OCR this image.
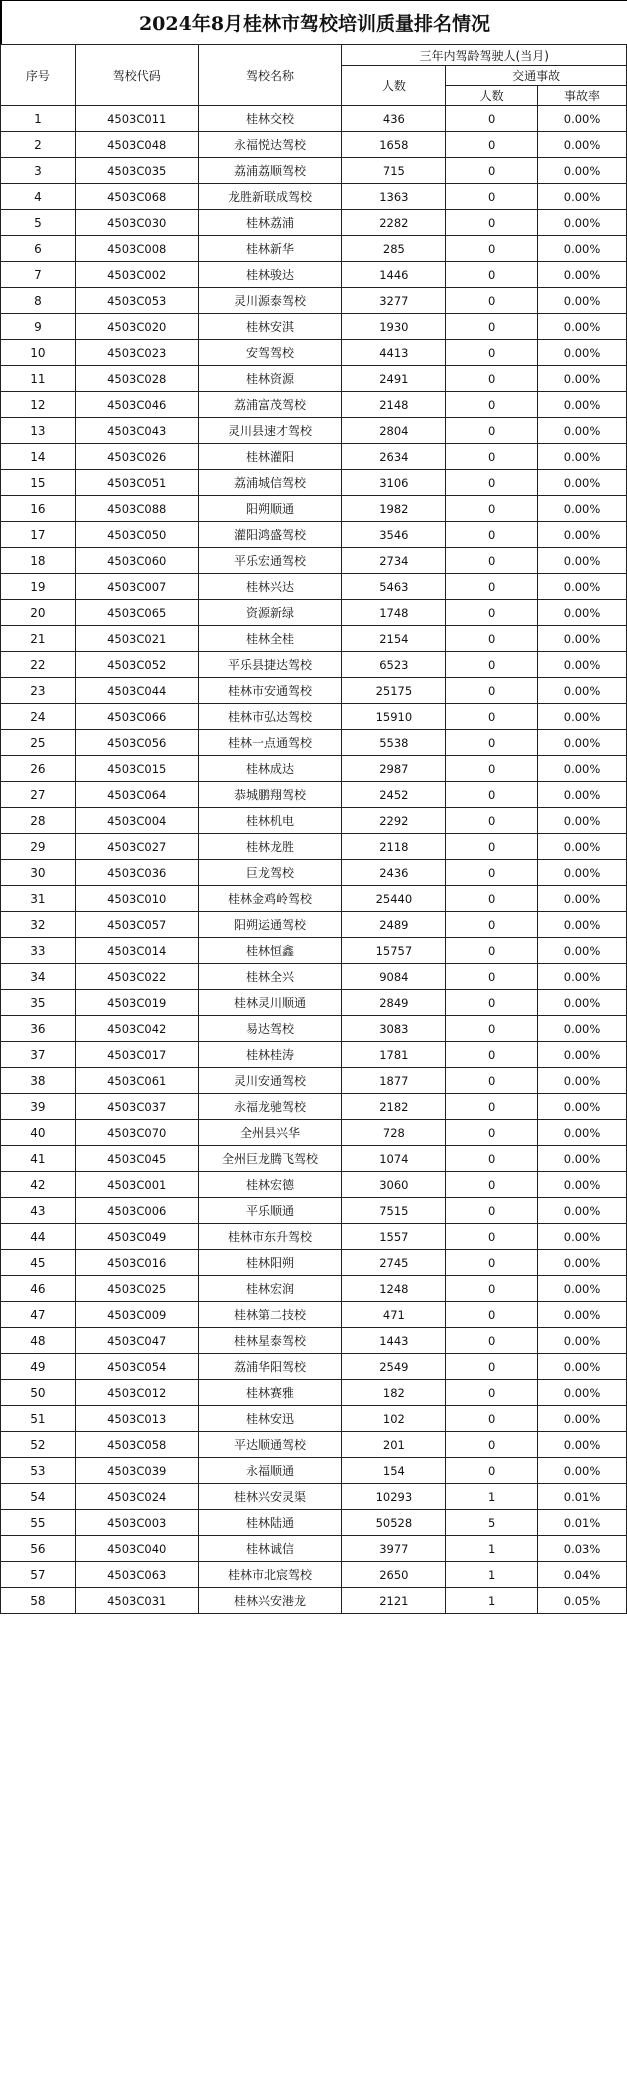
2024年8月桂林市驾校培训质量排名情况
序号	驾校代码	驾校名称	三年内驾龄驾驶人(当月)		
			人数	交通事故	
				人数	事故率
1	4503C011	桂林交校	436	0	0.00%
2	4503C048	永福悦达驾校	1658	0	0.00%
3	4503C035	荔浦荔顺驾校	715	0	0.00%
4	4503C068	龙胜新联成驾校	1363	0	0.00%
5	4503C030	桂林荔浦	2282	0	0.00%
6	4503C008	桂林新华	285	0	0.00%
7	4503C002	桂林骏达	1446	0	0.00%
8	4503C053	灵川源泰驾校	3277	0	0.00%
9	4503C020	桂林安淇	1930	0	0.00%
10	4503C023	安驾驾校	4413	0	0.00%
11	4503C028	桂林资源	2491	0	0.00%
12	4503C046	荔浦富茂驾校	2148	0	0.00%
13	4503C043	灵川县速才驾校	2804	0	0.00%
14	4503C026	桂林灌阳	2634	0	0.00%
15	4503C051	荔浦城信驾校	3106	0	0.00%
16	4503C088	阳朔顺通	1982	0	0.00%
17	4503C050	灌阳鸿盛驾校	3546	0	0.00%
18	4503C060	平乐宏通驾校	2734	0	0.00%
19	4503C007	桂林兴达	5463	0	0.00%
20	4503C065	资源新绿	1748	0	0.00%
21	4503C021	桂林全桂	2154	0	0.00%
22	4503C052	平乐县捷达驾校	6523	0	0.00%
23	4503C044	桂林市安通驾校	25175	0	0.00%
24	4503C066	桂林市弘达驾校	15910	0	0.00%
25	4503C056	桂林一点通驾校	5538	0	0.00%
26	4503C015	桂林成达	2987	0	0.00%
27	4503C064	恭城鹏翔驾校	2452	0	0.00%
28	4503C004	桂林机电	2292	0	0.00%
29	4503C027	桂林龙胜	2118	0	0.00%
30	4503C036	巨龙驾校	2436	0	0.00%
31	4503C010	桂林金鸡岭驾校	25440	0	0.00%
32	4503C057	阳朔运通驾校	2489	0	0.00%
33	4503C014	桂林恒鑫	15757	0	0.00%
34	4503C022	桂林全兴	9084	0	0.00%
35	4503C019	桂林灵川顺通	2849	0	0.00%
36	4503C042	易达驾校	3083	0	0.00%
37	4503C017	桂林桂涛	1781	0	0.00%
38	4503C061	灵川安通驾校	1877	0	0.00%
39	4503C037	永福龙驰驾校	2182	0	0.00%
40	4503C070	全州县兴华	728	0	0.00%
41	4503C045	全州巨龙腾飞驾校	1074	0	0.00%
42	4503C001	桂林宏德	3060	0	0.00%
43	4503C006	平乐顺通	7515	0	0.00%
44	4503C049	桂林市东升驾校	1557	0	0.00%
45	4503C016	桂林阳朔	2745	0	0.00%
46	4503C025	桂林宏润	1248	0	0.00%
47	4503C009	桂林第二技校	471	0	0.00%
48	4503C047	桂林星泰驾校	1443	0	0.00%
49	4503C054	荔浦华阳驾校	2549	0	0.00%
50	4503C012	桂林赛雅	182	0	0.00%
51	4503C013	桂林安迅	102	0	0.00%
52	4503C058	平达顺通驾校	201	0	0.00%
53	4503C039	永福顺通	154	0	0.00%
54	4503C024	桂林兴安灵渠	10293	1	0.01%
55	4503C003	桂林陆通	50528	5	0.01%
56	4503C040	桂林诚信	3977	1	0.03%
57	4503C063	桂林市北宸驾校	2650	1	0.04%
58	4503C031	桂林兴安港龙	2121	1	0.05%
